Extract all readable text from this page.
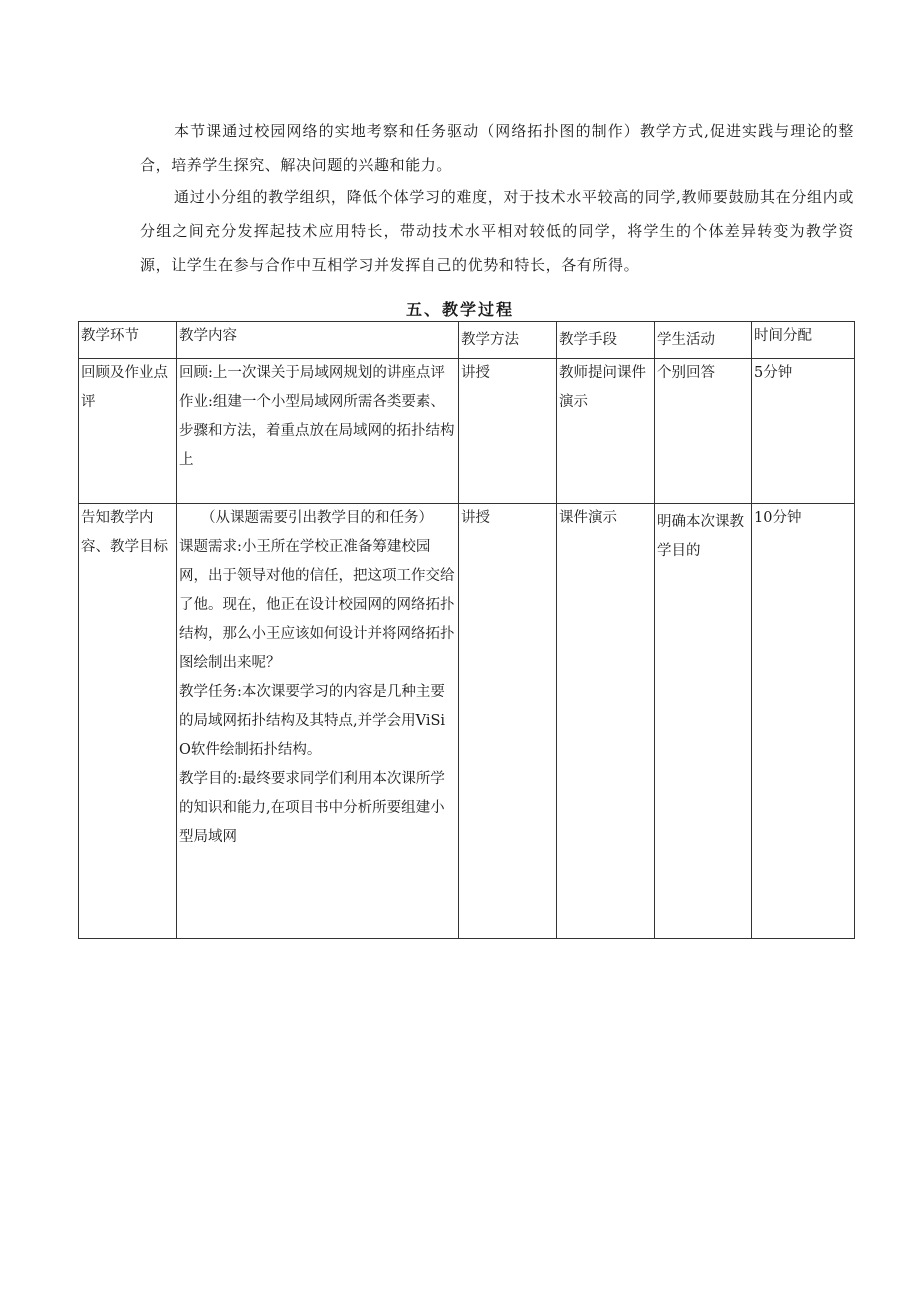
本节课通过校园网络的实地考察和任务驱动（网络拓扑图的制作）教学方式,促进实践与理论的整合，培养学生探究、解决问题的兴趣和能力。

通过小分组的教学组织，降低个体学习的难度，对于技术水平较高的同学,教师要鼓励其在分组内或分组之间充分发挥起技术应用特长，带动技术水平相对较低的同学，将学生的个体差异转变为教学资源，让学生在参与合作中互相学习并发挥自己的优势和特长，各有所得。

五、教学过程
教学环节	教学内容	教学方法	教学手段	学生活动	时间分配
回顾及作业点评	回顾:上一次课关于局域网规划的讲座点评作业:组建一个小型局域网所需各类要素、步骤和方法，着重点放在局域网的拓扑结构上	讲授	教师提问课件演示	个别回答	5分钟
告知教学内容、教学目标	（从课题需要引出教学目的和任务）
课题需求:小王所在学校正准备筹建校园网，出于领导对他的信任，把这项工作交给了他。现在，他正在设计校园网的网络拓扑结构，那么小王应该如何设计并将网络拓扑图绘制出来呢？
教学任务:本次课要学习的内容是几种主要的局域网拓扑结构及其特点,并学会用ViSiO软件绘制拓扑结构。
教学目的:最终要求同学们利用本次课所学的知识和能力,在项目书中分析所要组建小型局域网	讲授	课件演示	明确本次课教学目的	10分钟
